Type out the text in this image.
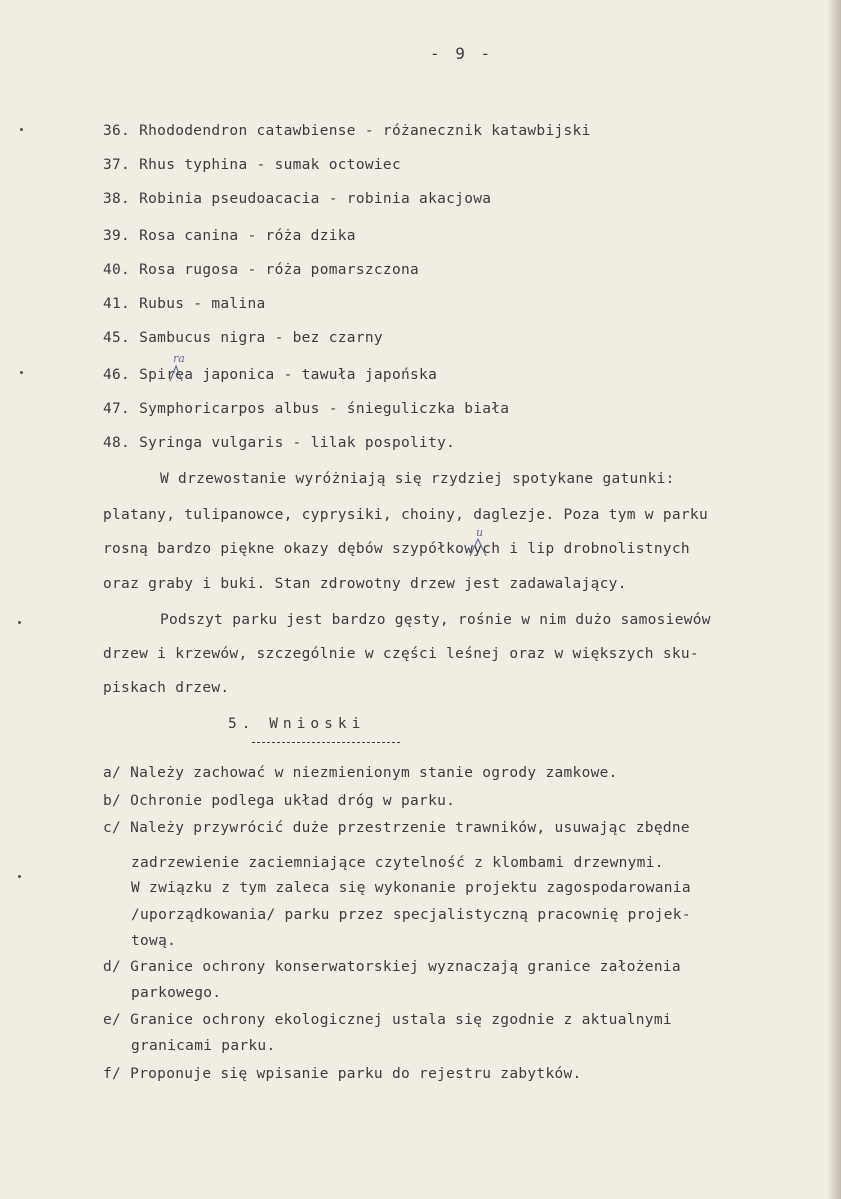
- 9 -
36. Rhododendron catawbiense - różanecznik katawbijski
37. Rhus typhina - sumak octowiec
38. Robinia pseudoacacia - robinia akacjowa
39. Rosa canina - róża dzika
40. Rosa rugosa - róża pomarszczona
41. Rubus - malina
45. Sambucus nigra - bez czarny
46. Spirea japonica - tawuła japońska
47. Symphoricarpos albus - śnieguliczka biała
48. Syringa vulgaris - lilak pospolity.
W drzewostanie wyróżniają się rzydziej spotykane gatunki:
platany, tulipanowce, cyprysiki, choiny, daglezje. Poza tym w parku
rosną bardzo piękne okazy dębów szypółkowych i lip drobnolistnych
oraz graby i buki. Stan zdrowotny drzew jest zadawalający.
Podszyt parku jest bardzo gęsty, rośnie w nim dużo samosiewów
drzew i krzewów, szczególnie w części leśnej oraz w większych sku-
piskach drzew.
5. Wnioski
a/ Należy zachować w niezmienionym stanie ogrody zamkowe.
b/ Ochronie podlega układ dróg w parku.
c/ Należy przywrócić duże przestrzenie trawników, usuwając zbędne
zadrzewienie zaciemniające czytelność z klombami drzewnymi.
W związku z tym zaleca się wykonanie projektu zagospodarowania
/uporządkowania/ parku przez specjalistyczną pracownię projek-
tową.
d/ Granice ochrony konserwatorskiej wyznaczają granice założenia
parkowego.
e/ Granice ochrony ekologicznej ustala się zgodnie z aktualnymi
granicami parku.
f/ Proponuje się wpisanie parku do rejestru zabytków.
ra
u
